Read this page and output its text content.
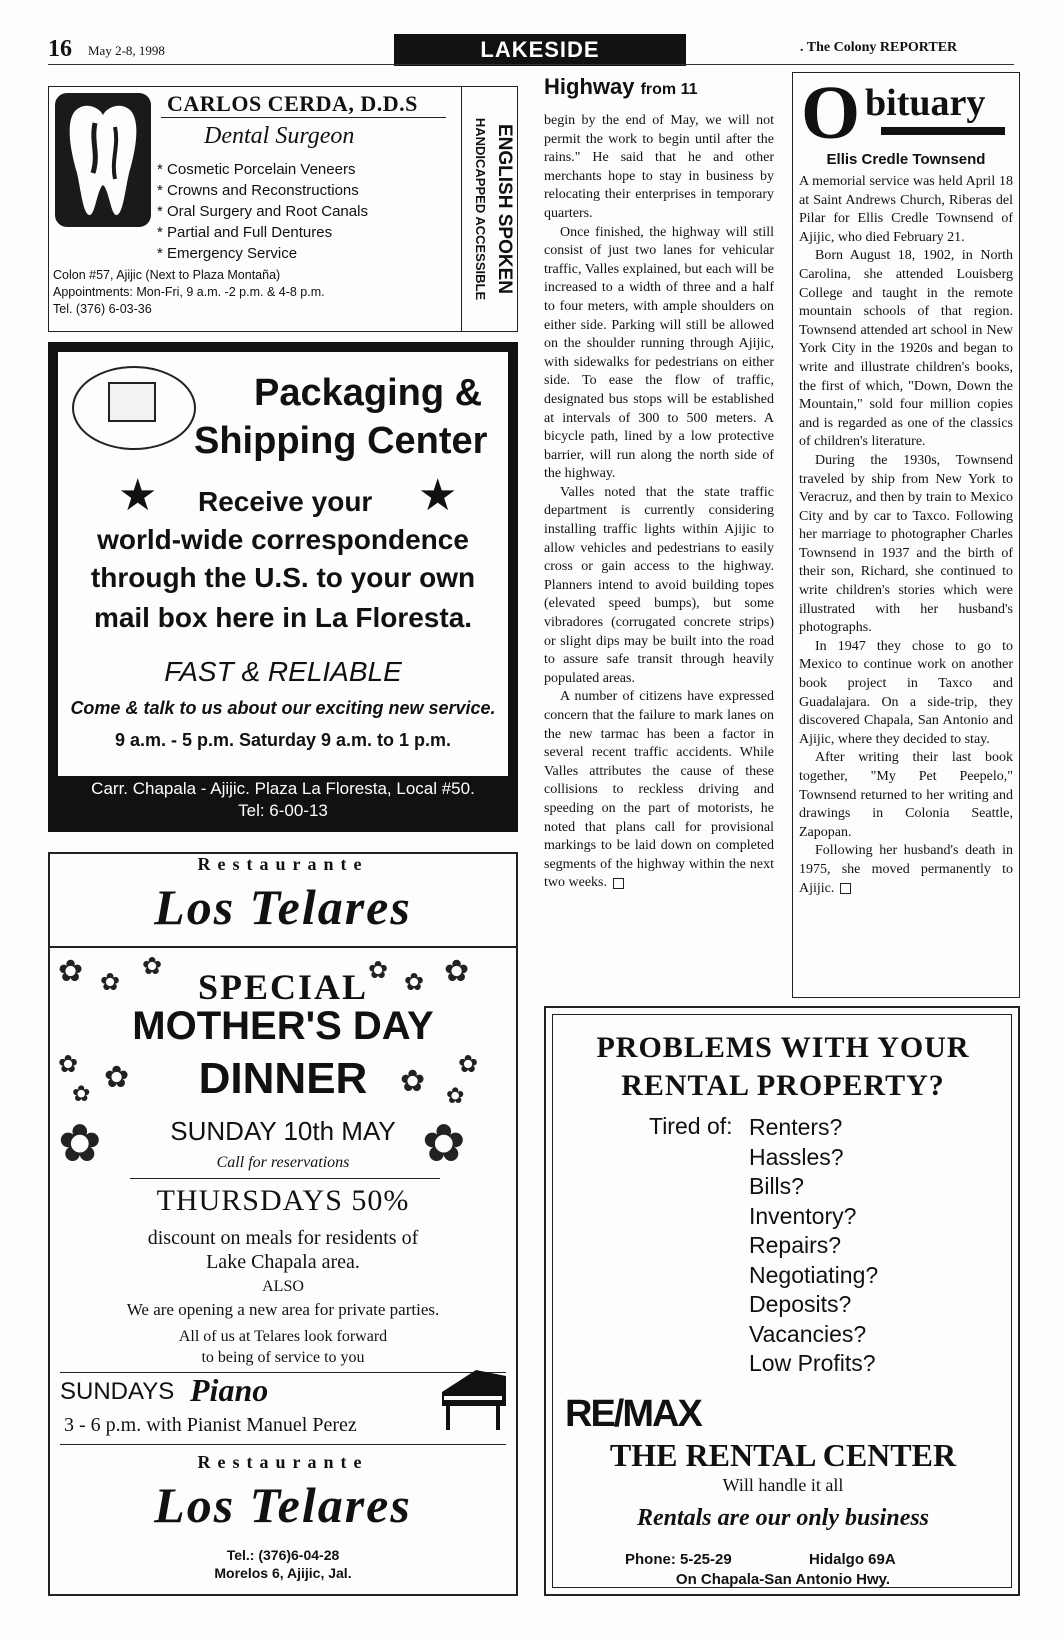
16 May 2-8, 1998	LAKESIDE	. The Colony REPORTER
CARLOS CERDA, D.D.S
Dental Surgeon
* Cosmetic Porcelain Veneers
* Crowns and Reconstructions
* Oral Surgery and Root Canals
* Partial and Full Dentures
* Emergency Service
Colon #57, Ajijic (Next to Plaza Montaña)
Appointments: Mon-Fri, 9 a.m. -2 p.m. & 4-8 p.m.
Tel. (376) 6-03-36
ENGLISH SPOKEN
HANDICAPPED ACCESSIBLE
Packaging &
Shipping Center
★	★
Receive your
world-wide correspondence
through the U.S. to your own
mail box here in La Floresta.
FAST & RELIABLE
Come & talk to us about our exciting new service.
9 a.m. - 5 p.m. Saturday 9 a.m. to 1 p.m.
Carr. Chapala - Ajijic. Plaza La Floresta, Local #50.
Tel: 6-00-13
Restaurante
Los Telares
✿ ✿
✿	✿ ✿ ✿
✿ ✿
✿
✿
✿ ✿
✿	✿
SPECIAL
MOTHER'S DAY
DINNER
SUNDAY 10th MAY
Call for reservations
THURSDAYS 50%
discount on meals for residents of
Lake Chapala area.
ALSO
We are opening a new area for private parties.
All of us at Telares look forward
to being of service to you
SUNDAYS Piano
3 - 6 p.m. with Pianist Manuel Perez
Restaurante
Los Telares
Tel.: (376)6-04-28
Morelos 6, Ajijic, Jal.
Highway from 11

begin by the end of May, we will not permit the work to begin until after the rains." He said that he and other merchants hope to stay in business by relocating their enterprises in temporary quarters.

Once finished, the highway will still consist of just two lanes for vehicular traffic, Valles explained, but each will be increased to a width of three and a half to four meters, with ample shoulders on either side. Parking will still be allowed on the shoulder running through Ajijic, with sidewalks for pedestrians on either side. To ease the flow of traffic, designated bus stops will be established at intervals of 300 to 500 meters. A bicycle path, lined by a low protective barrier, will run along the north side of the highway.

Valles noted that the state traffic department is currently considering installing traffic lights within Ajijic to allow vehicles and pedestrians to easily cross or gain access to the highway. Planners intend to avoid building topes (elevated speed bumps), but some vibradores (corrugated concrete strips) or slight dips may be built into the road to assure safe transit through heavily populated areas.

A number of citizens have expressed concern that the failure to mark lanes on the new tarmac has been a factor in several recent traffic accidents. While Valles attributes the cause of these collisions to reckless driving and speeding on the part of motorists, he noted that plans call for provisional markings to be laid down on completed segments of the highway within the next two weeks.

O bituary
Ellis Credle Townsend

A memorial service was held April 18 at Saint Andrews Church, Riberas del Pilar for Ellis Credle Townsend of Ajijic, who died February 21.

Born August 18, 1902, in North Carolina, she attended Louisberg College and taught in the remote mountain schools of that region. Townsend attended art school in New York City in the 1920s and began to write and illustrate children's books, the first of which, "Down, Down the Mountain," sold four million copies and is regarded as one of the classics of children's literature.

During the 1930s, Townsend traveled by ship from New York to Veracruz, and then by train to Mexico City and by car to Taxco. Following her marriage to photographer Charles Townsend in 1937 and the birth of their son, Richard, she continued to write children's stories which were illustrated with her husband's photographs.

In 1947 they chose to go to Mexico to continue work on another book project in Taxco and Guadalajara. On a side-trip, they discovered Chapala, San Antonio and Ajijic, where they decided to stay.

After writing their last book together, "My Pet Peepelo," Townsend returned to her writing and drawings in Colonia Seattle, Zapopan.

Following her husband's death in 1975, she moved permanently to Ajijic.

PROBLEMS WITH YOUR
RENTAL PROPERTY?
Tired of: Renters?
Hassles?
Bills?
Inventory?
Repairs?
Negotiating?
Deposits?
Vacancies?
Low Profits?
RE/MAX
THE RENTAL CENTER
Will handle it all
Rentals are our only business
Phone: 5-25-29	Hidalgo 69A
On Chapala-San Antonio Hwy.
